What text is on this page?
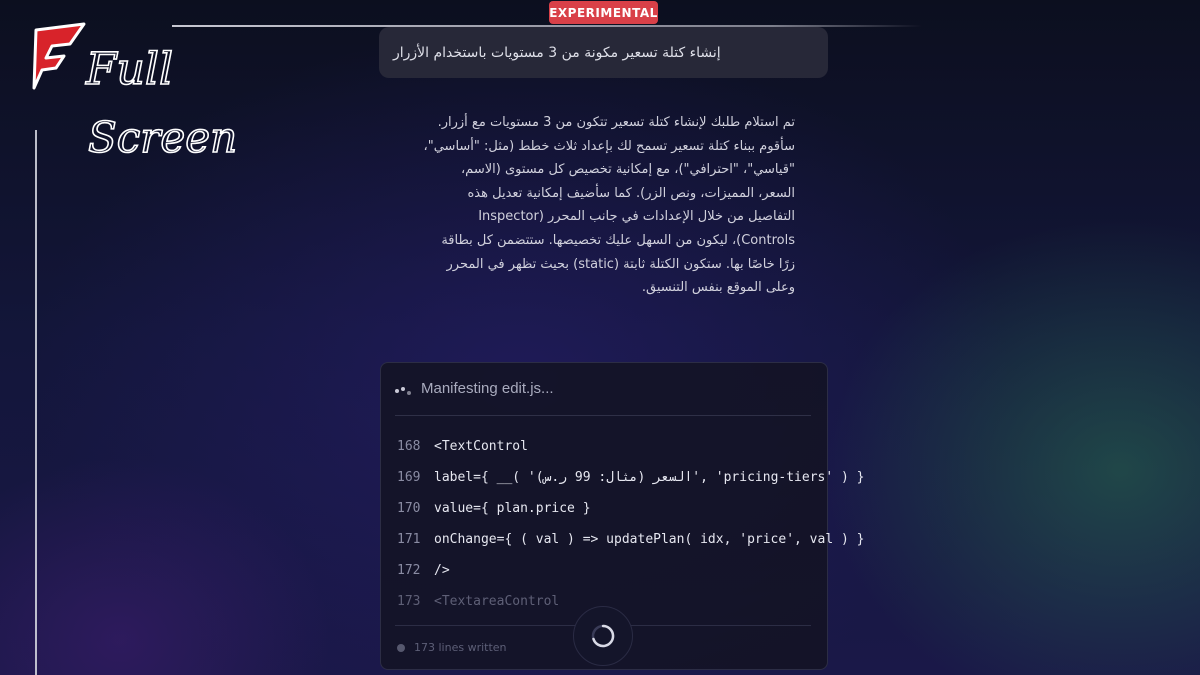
Full
Screen
EXPERIMENTAL
إنشاء كتلة تسعير مكونة من 3 مستويات باستخدام الأزرار
تم استلام طلبك لإنشاء كتلة تسعير تتكون من 3 مستويات مع أزرار.
سأقوم ببناء كتلة تسعير تسمح لك بإعداد ثلاث خطط (مثل: "أساسي"،
"قياسي"، "احترافي")، مع إمكانية تخصيص كل مستوى (الاسم،
السعر، المميزات، ونص الزر). كما سأضيف إمكانية تعديل هذه
التفاصيل من خلال الإعدادات في جانب المحرر (Inspector
Controls)، ليكون من السهل عليك تخصيصها. ستتضمن كل بطاقة
زرًا خاصًا بها. ستكون الكتلة ثابتة (static) بحيث تظهر في المحرر
وعلى الموقع بنفس التنسيق.
Manifesting edit.js...
168	<TextControl
169	label={ __( 'السعر (مثال: 99 ر.س)', 'pricing-tiers' ) }
170	value={ plan.price }
171	onChange={ ( val ) => updatePlan( idx, 'price', val ) }
172	/>
173	<TextareaControl
173 lines written
